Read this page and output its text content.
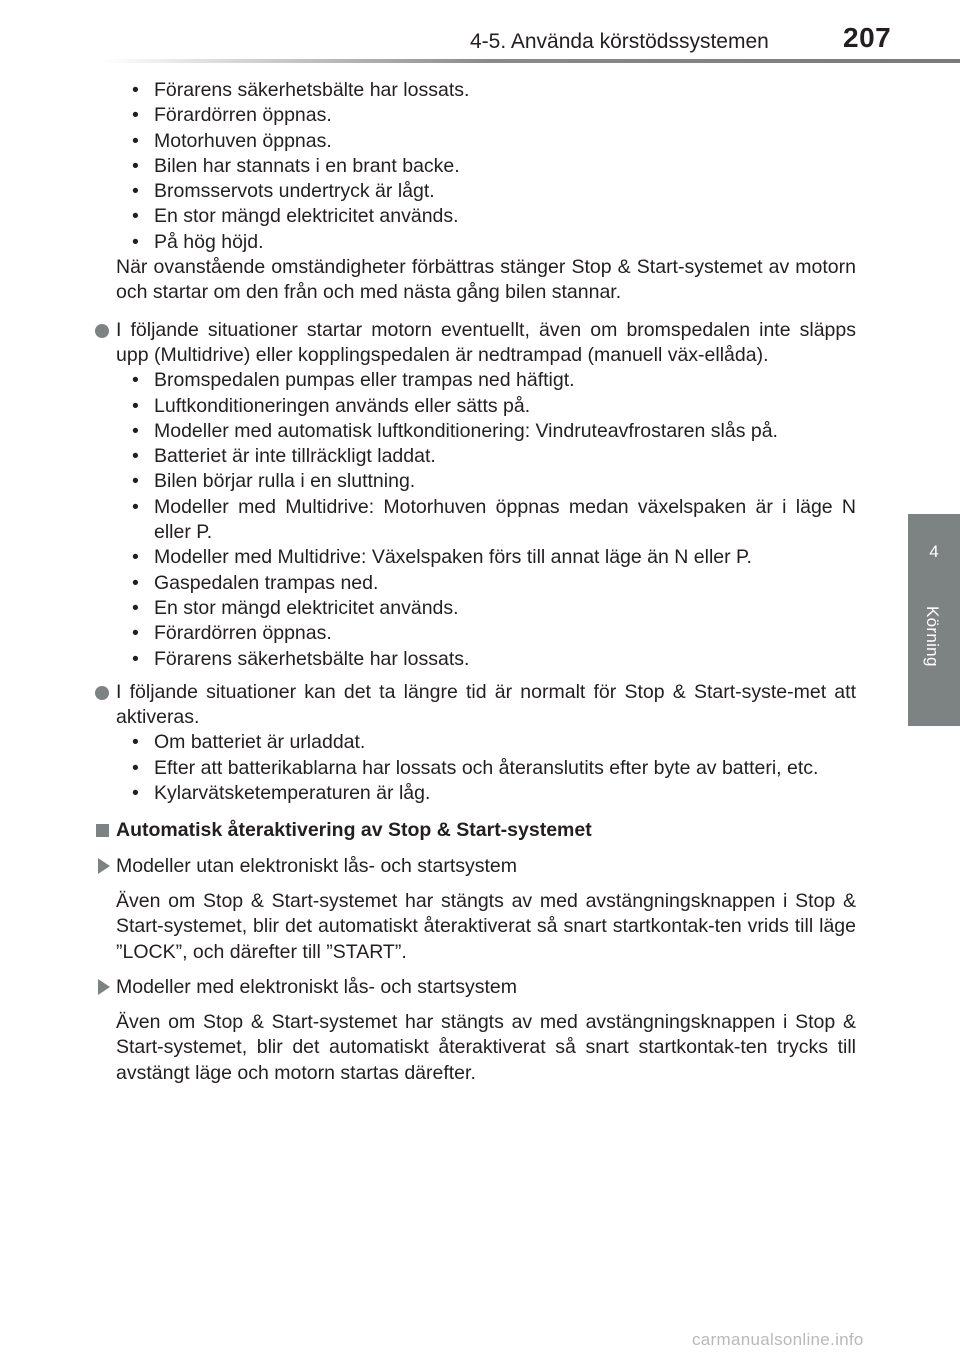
4-5. Använda körstödssystemen	207
4
Körning
• Förarens säkerhetsbälte har lossats.
• Förardörren öppnas.
• Motorhuven öppnas.
• Bilen har stannats i en brant backe.
• Bromsservots undertryck är lågt.
• En stor mängd elektricitet används.
• På hög höjd.

När ovanstående omständigheter förbättras stänger Stop & Start-systemet av motorn och startar om den från och med nästa gång bilen stannar.

I följande situationer startar motorn eventuellt, även om bromspedalen inte släpps upp (Multidrive) eller kopplingspedalen är nedtrampad (manuell väx-ellåda).
• Bromspedalen pumpas eller trampas ned häftigt.
• Luftkonditioneringen används eller sätts på.
• Modeller med automatisk luftkonditionering: Vindruteavfrostaren slås på.
• Batteriet är inte tillräckligt laddat.
• Bilen börjar rulla i en sluttning.
• Modeller med Multidrive: Motorhuven öppnas medan växelspaken är i läge N eller P.
• Modeller med Multidrive: Växelspaken förs till annat läge än N eller P.
• Gaspedalen trampas ned.
• En stor mängd elektricitet används.
• Förardörren öppnas.
• Förarens säkerhetsbälte har lossats.
I följande situationer kan det ta längre tid är normalt för Stop & Start-syste-met att aktiveras.
• Om batteriet är urladdat.
• Efter att batterikablarna har lossats och återanslutits efter byte av batteri, etc.
• Kylarvätsketemperaturen är låg.
Automatisk återaktivering av Stop & Start-systemet
Modeller utan elektroniskt lås- och startsystem

Även om Stop & Start-systemet har stängts av med avstängningsknappen i Stop & Start-systemet, blir det automatiskt återaktiverat så snart startkontak-ten vrids till läge ”LOCK”, och därefter till ”START”.

Modeller med elektroniskt lås- och startsystem

Även om Stop & Start-systemet har stängts av med avstängningsknappen i Stop & Start-systemet, blir det automatiskt återaktiverat så snart startkontak-ten trycks till avstängt läge och motorn startas därefter.

carmanualsonline.info
